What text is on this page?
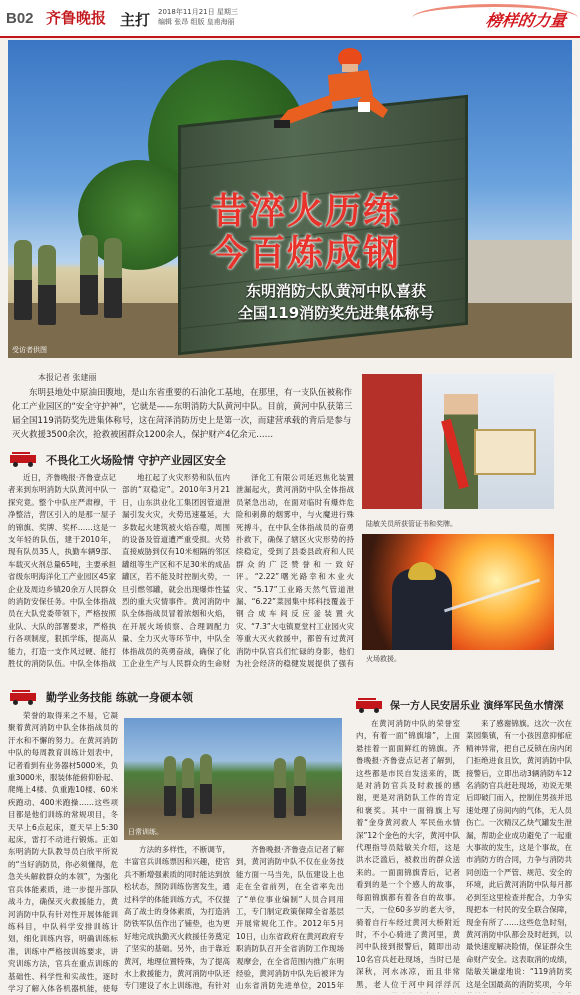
B02 齐鲁晚报 主打 2018年11月21日 星期三
编辑 张昂 组版 皇甫海丽	榜样的力量
昔淬火历练
今百炼成钢
东明消防大队黄河中队喜获
全国119消防奖先进集体称号
受访者供图
本报记者 张建丽
东明县地处中原油田腹地，是山东省重要的石油化工基地，在那里，有一支队伍被称作化工产业园区的“安全守护神”，它就是——东明消防大队黄河中队。目前，黄河中队获第三届全国119消防奖先进集体称号，这在菏泽消防历史上是第一次，而建营承载的背后是参与灭火救援3500余次，抢救被困群众1200余人，保护财产4亿余元……
陆敏关员所获管证书和奖牌。
火场救援。
不畏化工火场险情 守护产业园区安全

近日，齐鲁晚报·齐鲁壹点记者来到东明消防大队黄河中队一探究竟。整个中队庄严肃穆，干净整洁，营区引入的是那一屋子的锦旗、奖牌、奖杯……这是一支年轻的队伍，建于2010年，现有队员35人，执勤车辆9部、车载灭火剂总量65吨，主要承担省级东明海洋化工产业园区45家企业及周边乡镇20余万人民群众的消防安保任务。中队全体指战员在大队党委带领下，严格按照业队、大队的部署要求，严格执行各项制度，狠抓学练，提高从能力，打造一支作风过硬、能打胜仗的消防队伍。中队全体指战

地扛起了火灾形势和队伍内部的“双稳定”。2010年3月21日，山东洪业化工集团因管道泄漏引发火灾，火势迅速蔓延，大多数起火建筑被火焰吞噬，周围的设备及管道遭严重受损。火势直接威胁到仅有10米相隔的邻区罐组等生产区和不足30米的成品罐区，若不能及时控制火势，一旦引燃邻罐，就会出现爆炸性猛烈的重大灾情事件。黄河消防中队全体指战员冒着浓烟和火焰，在开展火场侦察、合理调配力量、全力灭火等环节中，中队全体指战员的英勇奋战，确保了化工企业生产与人民群众的生命财

泽化工有限公司延迟焦化装置泄漏起火，黄河消防中队全体指战员紧急出动，在面对临时有爆炸危险和刺鼻的烟雾中，与火魔进行殊死搏斗，在中队全体指战员的奋勇扑救下，确保了辖区火灾形势的持续稳定，受到了县委县政府和人民群众的广泛赞誉和一致好评。“2.22”曙光路幸和木业火灾、“5.17”工业路天然气管道泄漏、“6.22”菜园集中邦科技覆盖于钢合成车间反应釜装置火灾、“7.3”大屯镇夏堂村工业园火灾等重大灭火救援中，都曾有过黄河消防中队官兵们忙碌的身影，他们为社会经济的稳健发展提供了强有

勤学业务技能 练就一身硬本领

荣誉的取得来之不易，它凝聚着黄河消防中队全体指战员的汗水和不懈的努力。在黄河消防中队的每周教育训练计划表中，记者看到有业务器材5000米，负重3000米，服装体能俯仰卧起、爬绳上4楼、负重跑10楼、60米疾跑动、400米跑操……这些项目都是他们训练的常规项目，冬天早上6点起床，夏天早上5:30起床，雷打不动进行锻炼。正如东明消防大队教导员白欣平所说的“当好消防员，你必须懂得，危急关头解救群众的本领”，为强化官兵体能素质，进一步提升部队战斗力，确保灭火救援能力，黄河消防中队有针对性开展体能训练科目，中队科学安排训练计划，细化训练内容，明确训练标准，训练中严格按训练要求，讲究训练方法，官兵在重点训练的基础性、科学性和实战性，逐时学习了解入体各机器机能，使每

日常训练。

方法的多样性，不断调节，丰富官兵训练票因和兴趣，使官兵不断增强素质的同时能达到放松状态，预防训练伤害发生，通过科学的体能训练方式，不仅提高了战士的身体素质，为打造消防铁军队伍作出了铺垫，也为更好地完成执勤灭火救援任务奠定了坚实的基础。另外，由于靠近黄河，地理位置特殊，为了提高水上救援能力，黄河消防中队还专门建设了水上训练池，有针对

齐鲁晚报·齐鲁壹点记者了解到，黄河消防中队不仅在业务技能方面一马当先，队伍建设上也走在全省前列，在全省率先出了“单位事业编制”人员合同用工，专门制定政策保障全省基层开展常规化工作。2012年5月10日，山东省政府在黄河政府专职消防队召开全省消防工作现场观摩会，在全省范围内推广东明经验，黄河消防中队先后被评为山东省消防先进单位，2015年

保一方人民安居乐业 演绎军民鱼水情深

在黄河消防中队的荣誉室内，有着一面“锦旗墙”，上面悬挂着一面面鲜红的锦旗。齐鲁晚报·齐鲁壹点记者了解到，这些都是市民自发送来的，既是对消防官兵及时救援的感谢，更是对消防队工作的肯定和褒奖。其中一面锦旗上写着“金身黄河救人 军民鱼水情深”12个金色的大字，黄河中队代理指导员陆敏关介绍，这是洪水泛滥后，被救出的群众送来的。一面面锦旗背后，记者看到的是一个个感人的故事，每面锦旗都有着各自的故事。一天，一位60多岁的老大爷，骑着自行车经过黄河大桥附近时，不小心骑进了黄河里，黄河中队接到报警后，随即出动10名官兵赶赴现场，当时已是深秋，河水冰凉，而且非常黑，老人位于河中间浮浮沉

来了感谢锦旗。这次一次在菜园集镇，有一小孩因意抑郁症精神异常，把自己反锁在房内闭门拒绝进食且饮，黄河消防中队接警后，立即出动3辆消防车12名消防官兵赶赴现场，劝说无果后即破门而入，控制住男孩并迅速处理了房间内的气体，无人员伤亡。一次精汉乙炔气罐发生泄漏，帮助企业成功避免了一起重大事故的发生，这是个事故，在市消防方的合同，力争与消防共同创造一个严管、规范、安全的环境，此后黄河消防中队每月都必到至这里检查并配合，力争实现把本一村民的安全联合保障，现金有所了……这些危急时刻，黄河消防中队都会及时赶到，以最快速度解决险情，保证群众生命财产安全。这表取消的成绩，陆敏关谦虚地说：“119消防奖这是全国最高的消防奖项，今年
